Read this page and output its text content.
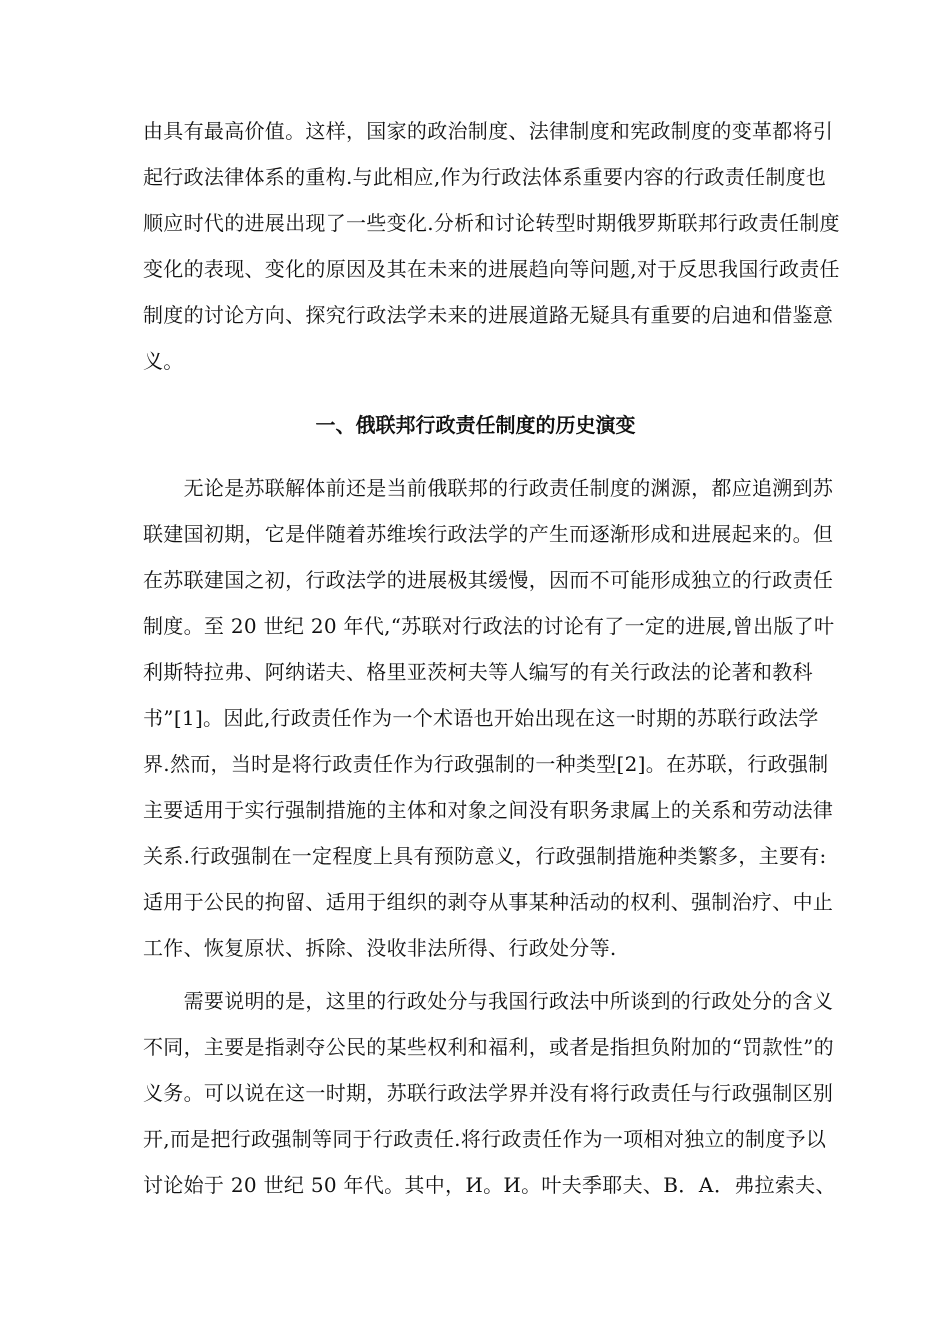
由具有最高价值。这样，国家的政治制度、法律制度和宪政制度的变革都将引
起行政法律体系的重构.与此相应,作为行政法体系重要内容的行政责任制度也
顺应时代的进展出现了一些变化.分析和讨论转型时期俄罗斯联邦行政责任制度
变化的表现、变化的原因及其在未来的进展趋向等问题,对于反思我国行政责任
制度的讨论方向、探究行政法学未来的进展道路无疑具有重要的启迪和借鉴意
义。
一、俄联邦行政责任制度的历史演变
　　无论是苏联解体前还是当前俄联邦的行政责任制度的渊源，都应追溯到苏
联建国初期，它是伴随着苏维埃行政法学的产生而逐渐形成和进展起来的。但
在苏联建国之初，行政法学的进展极其缓慢，因而不可能形成独立的行政责任
制度。至 20 世纪 20 年代,“苏联对行政法的讨论有了一定的进展,曾出版了叶
利斯特拉弗、阿纳诺夫、格里亚茨柯夫等人编写的有关行政法的论著和教科
书”[1]。因此,行政责任作为一个术语也开始出现在这一时期的苏联行政法学
界.然而，当时是将行政责任作为行政强制的一种类型[2]。在苏联，行政强制
主要适用于实行强制措施的主体和对象之间没有职务隶属上的关系和劳动法律
关系.行政强制在一定程度上具有预防意义，行政强制措施种类繁多，主要有:
适用于公民的拘留、适用于组织的剥夺从事某种活动的权利、强制治疗、中止
工作、恢复原状、拆除、没收非法所得、行政处分等.
　　需要说明的是，这里的行政处分与我国行政法中所谈到的行政处分的含义
不同，主要是指剥夺公民的某些权利和福利，或者是指担负附加的“罚款性”的
义务。可以说在这一时期，苏联行政法学界并没有将行政责任与行政强制区别
开,而是把行政强制等同于行政责任.将行政责任作为一项相对独立的制度予以
讨论始于 20 世纪 50 年代。其中，И。И。叶夫季耶夫、В．А．弗拉索夫、
